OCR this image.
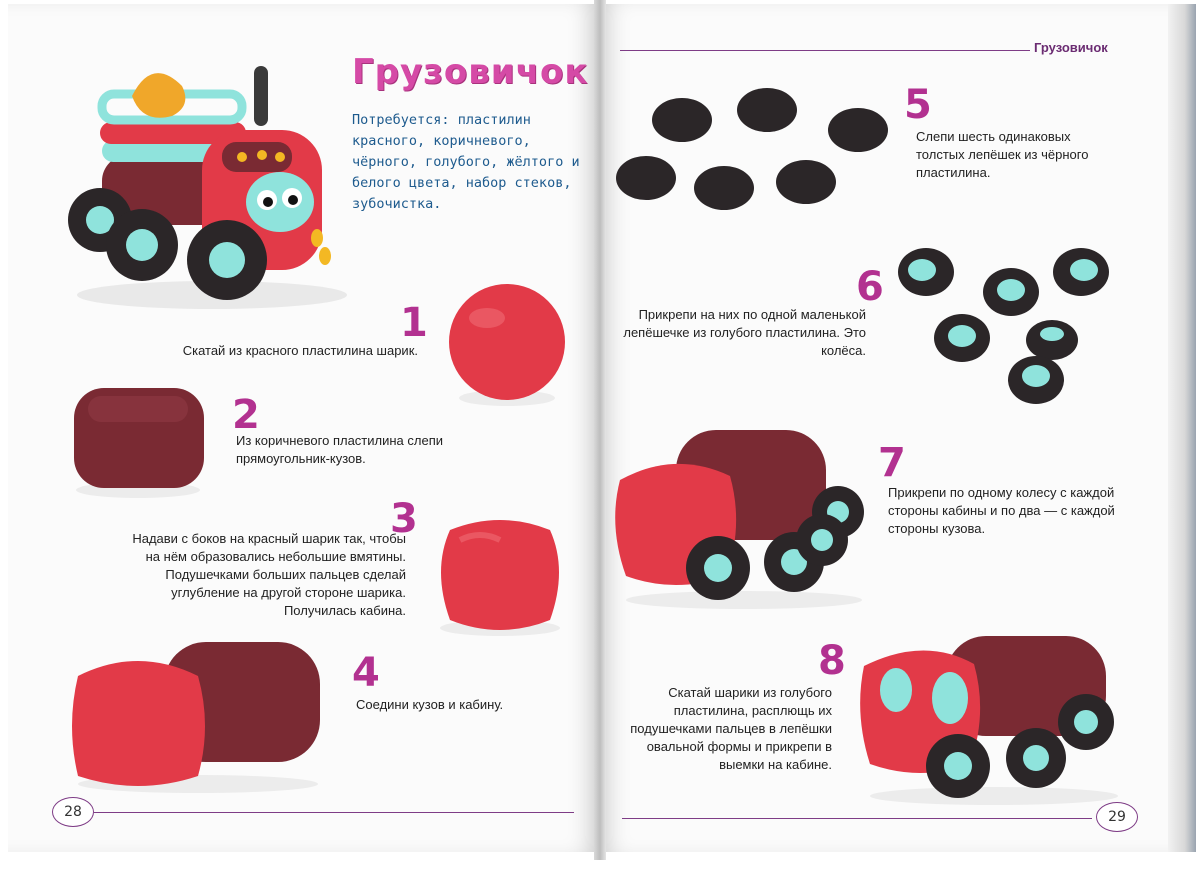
Грузовичок
Грузовичок
Потребуется: пластилин красного, коричневого, чёрного, голубого, жёлтого и белого цвета, набор стеков, зубочистка.
1
Скатай из красного пластилина шарик.
2
Из коричневого пластилина слепи прямоугольник-кузов.
3
Надави с боков на красный шарик так, чтобы на нём образовались небольшие вмятины. Подушечками больших пальцев сделай углубление на другой стороне шарика. Получилась кабина.
4
Соедини кузов и кабину.
28
5
Слепи шесть одинаковых толстых лепёшек из чёрного пластилина.
6
Прикрепи на них по одной маленькой лепёшечке из голубого пластилина. Это колёса.
7
Прикрепи по одному колесу с каждой стороны кабины и по два — с каждой стороны кузова.
8
Скатай шарики из голубого пластилина, расплющь их подушечками пальцев в лепёшки овальной формы и прикрепи в выемки на кабине.
29
